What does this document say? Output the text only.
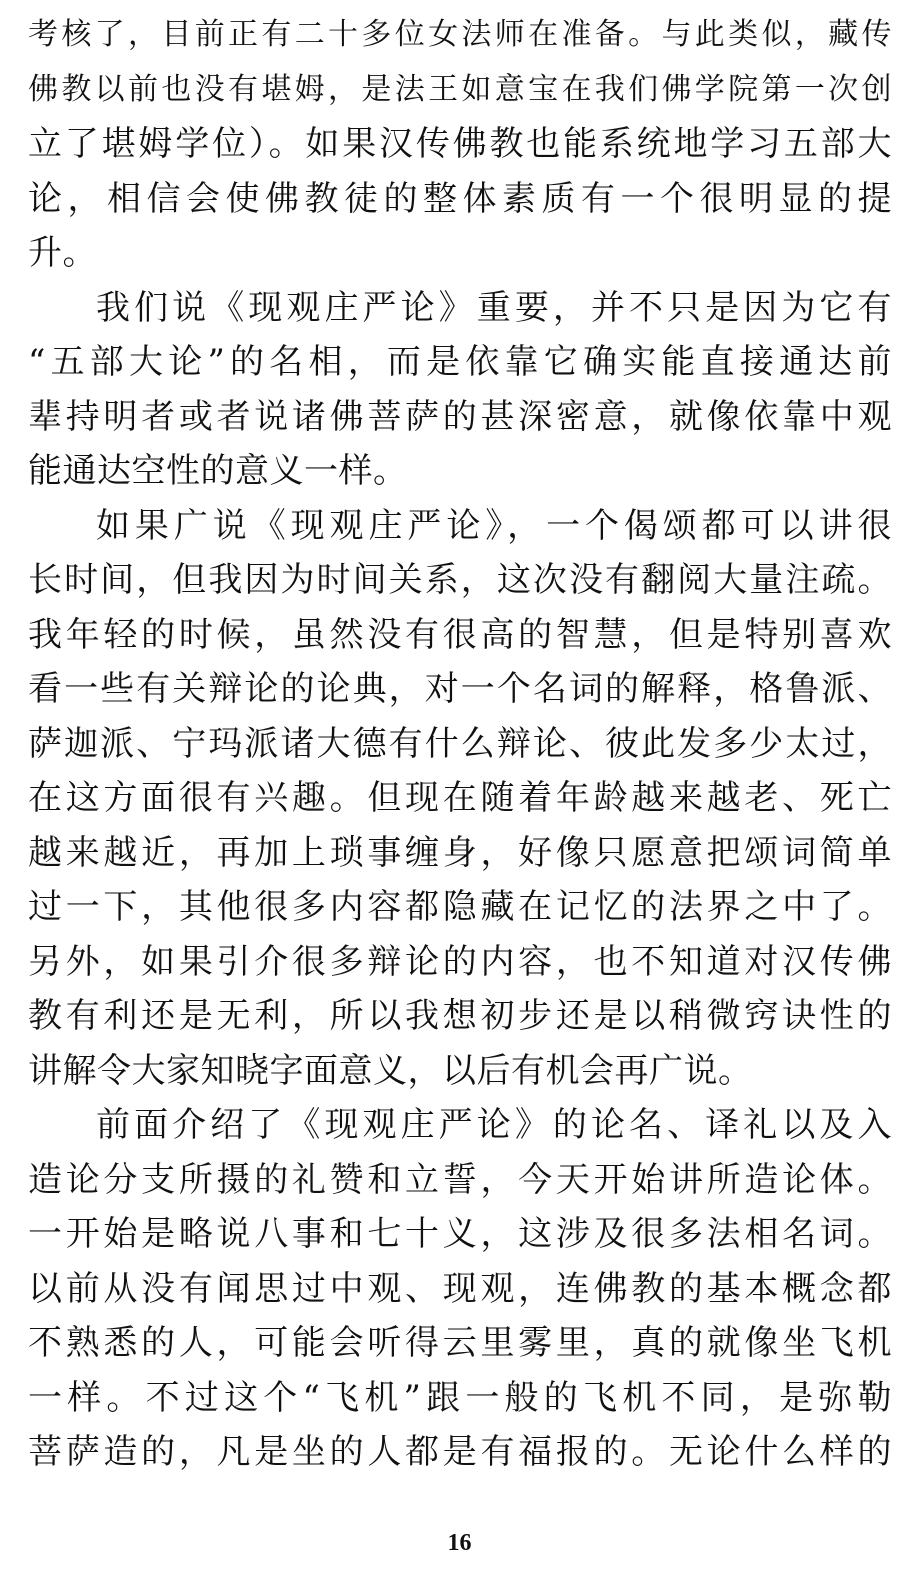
考核了，目前正有二十多位女法师在准备。与此类似，藏传
佛教以前也没有堪姆，是法王如意宝在我们佛学院第一次创
立了堪姆学位）。如果汉传佛教也能系统地学习五部大
论，相信会使佛教徒的整体素质有一个很明显的提
升。
我们说《现观庄严论》重要，并不只是因为它有
“五部大论”的名相，而是依靠它确实能直接通达前
辈持明者或者说诸佛菩萨的甚深密意，就像依靠中观
能通达空性的意义一样。
如果广说《现观庄严论》，一个偈颂都可以讲很
长时间，但我因为时间关系，这次没有翻阅大量注疏。
我年轻的时候，虽然没有很高的智慧，但是特别喜欢
看一些有关辩论的论典，对一个名词的解释，格鲁派、
萨迦派、宁玛派诸大德有什么辩论、彼此发多少太过，
在这方面很有兴趣。但现在随着年龄越来越老、死亡
越来越近，再加上琐事缠身，好像只愿意把颂词简单
过一下，其他很多内容都隐藏在记忆的法界之中了。
另外，如果引介很多辩论的内容，也不知道对汉传佛
教有利还是无利，所以我想初步还是以稍微窍诀性的
讲解令大家知晓字面意义，以后有机会再广说。
前面介绍了《现观庄严论》的论名、译礼以及入
造论分支所摄的礼赞和立誓，今天开始讲所造论体。
一开始是略说八事和七十义，这涉及很多法相名词。
以前从没有闻思过中观、现观，连佛教的基本概念都
不熟悉的人，可能会听得云里雾里，真的就像坐飞机
一样。不过这个“飞机”跟一般的飞机不同，是弥勒
菩萨造的，凡是坐的人都是有福报的。无论什么样的
16
